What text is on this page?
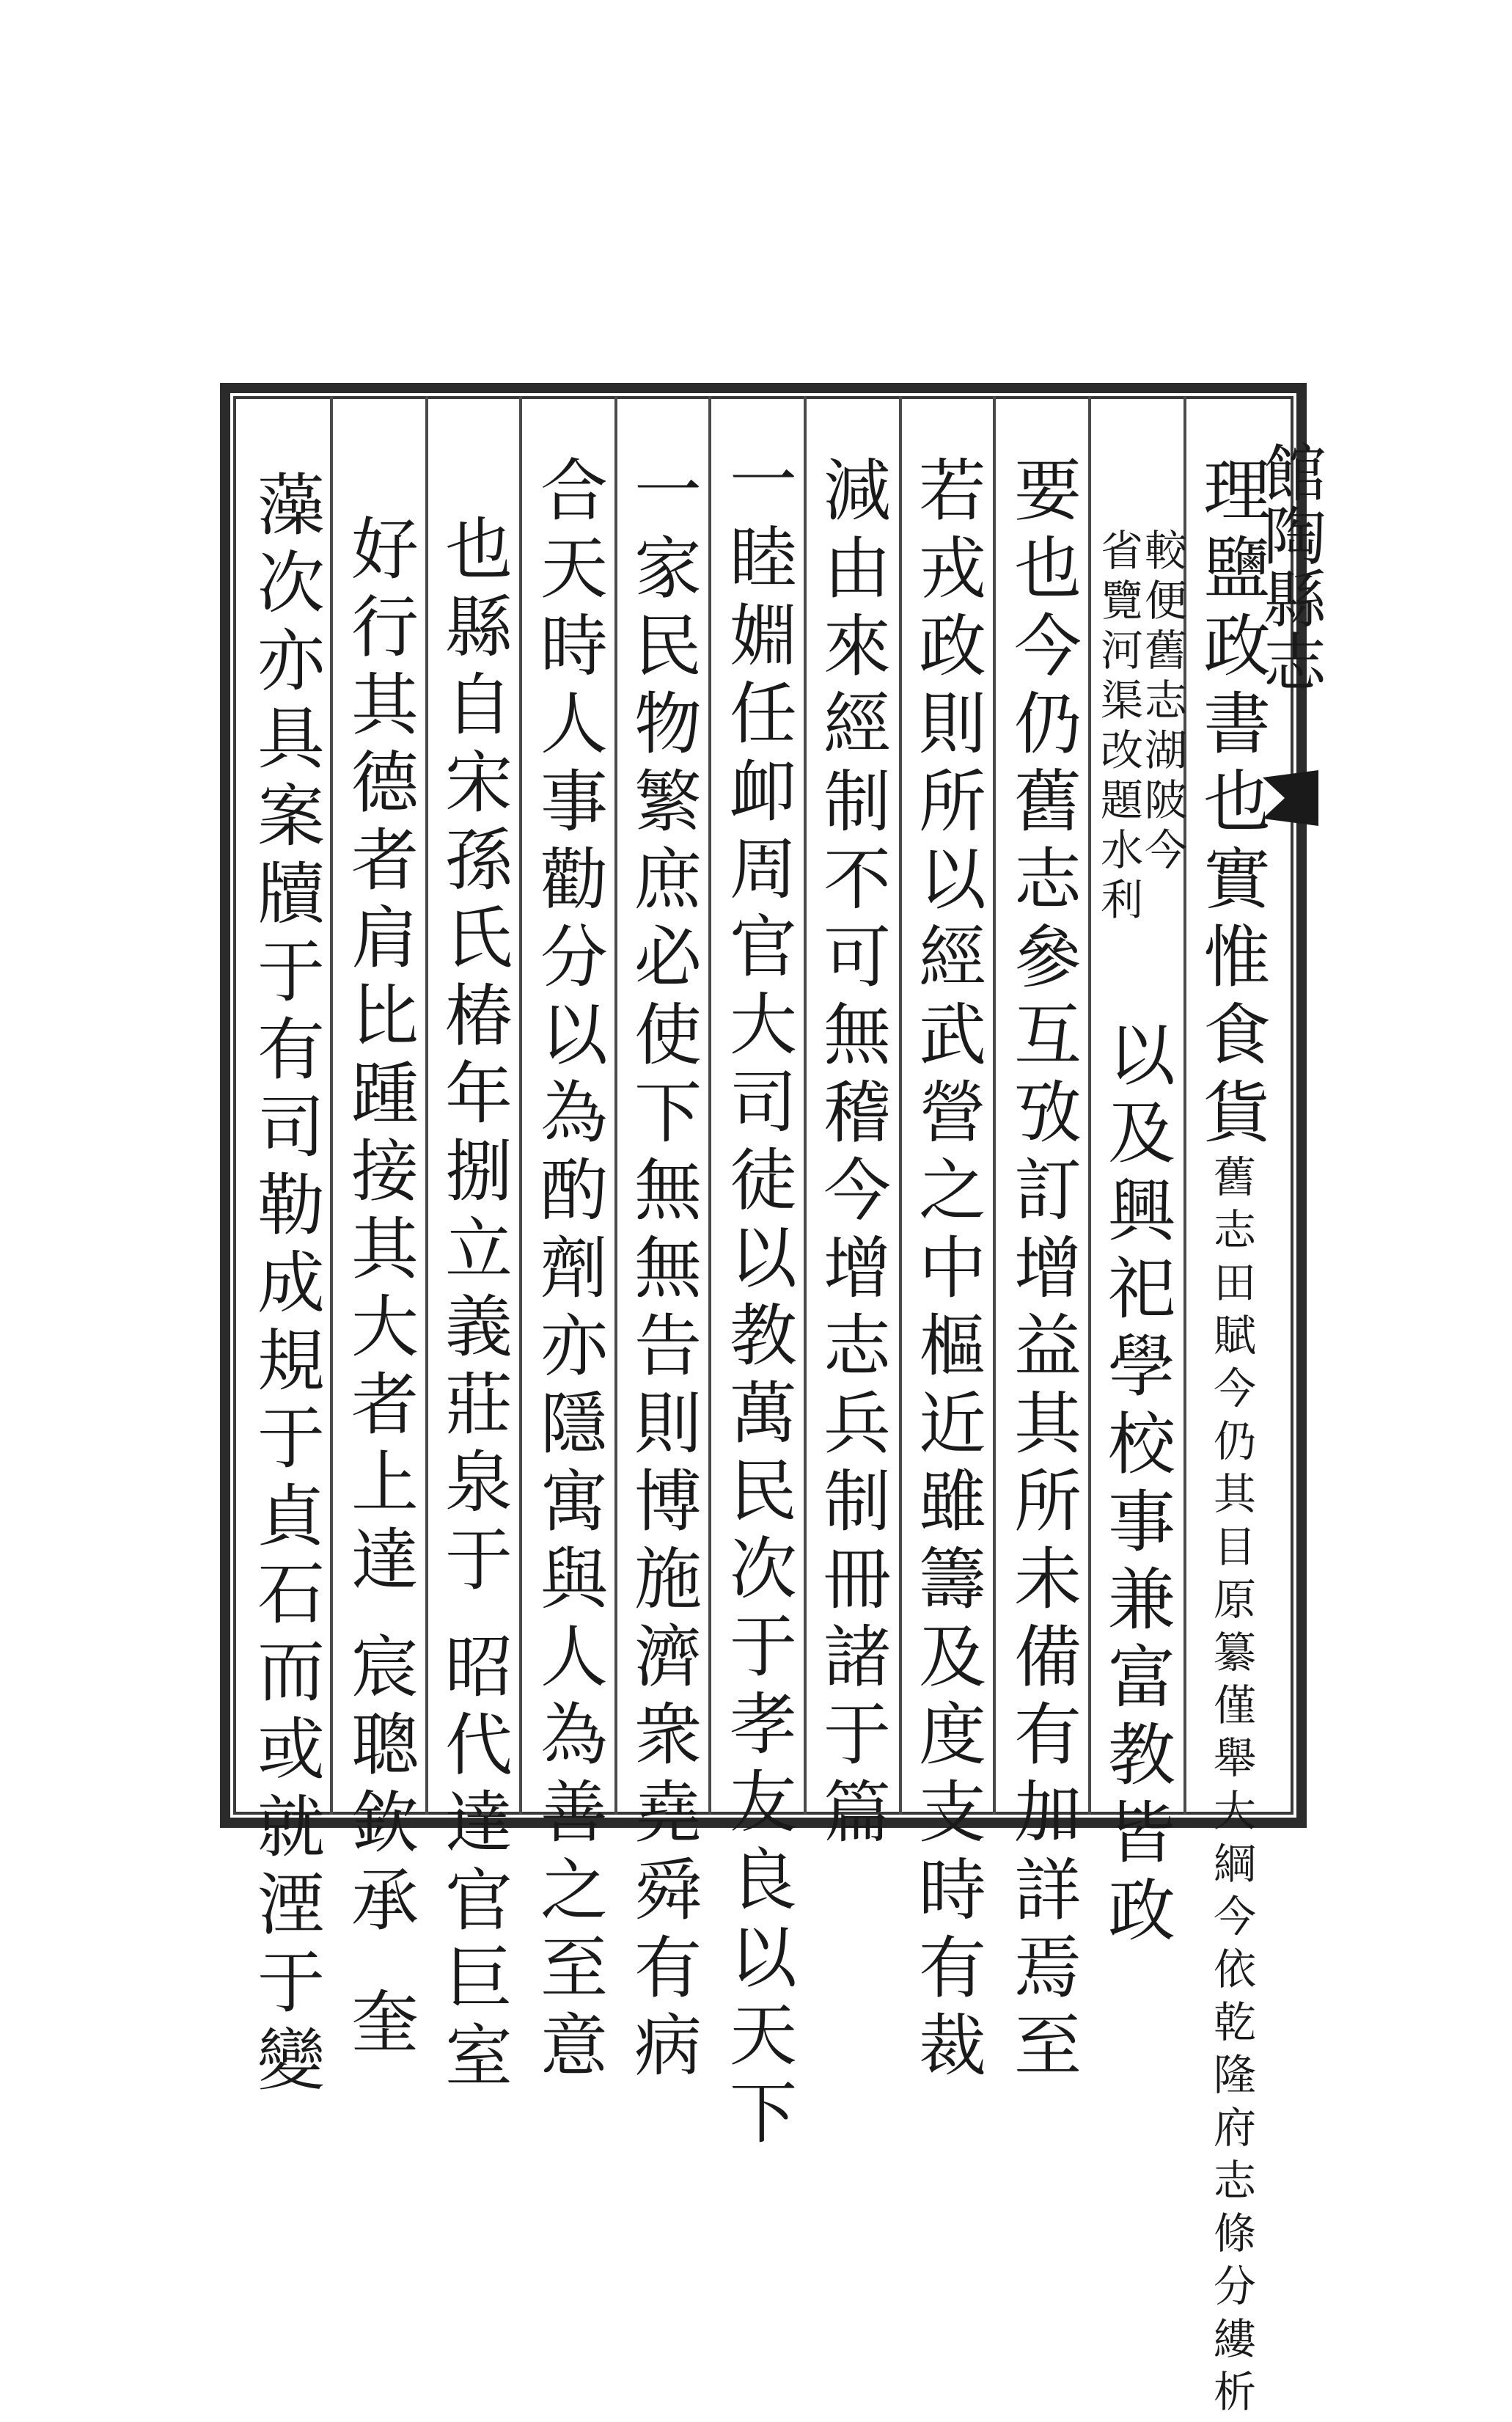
館陶縣志
理鹽政書也實惟食貨舊志田賦今仍其目原纂僅舉大綱今依乾隆府志條分縷析
較便舊志湖陂今
省覽河渠改題水利
以及興祀學校事兼富教皆政
要也今仍舊志參互攷訂增益其所未備有加詳焉至
若戎政則所以經武營之中樞近雖籌及度支時有裁
減由來經制不可無稽今增志兵制冊諸于篇
一睦婣任卹周官大司徒以教萬民次于孝友良以天下
一家民物繁庶必使下無無告則博施濟衆堯舜有病
合天時人事勸分以為酌劑亦隱寓與人為善之至意
也縣自宋孫氏椿年捌立義莊泉于昭代達官巨室
好行其德者肩比踵接其大者上達宸聰欽承奎
藻次亦具案牘于有司勒成規于貞石而或就湮于變
